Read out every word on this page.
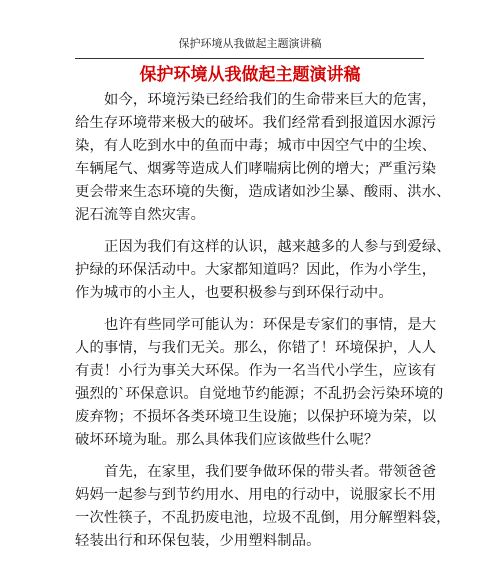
保护环境从我做起主题演讲稿
保护环境从我做起主题演讲稿
如今，环境污染已经给我们的生命带来巨大的危害，
给生存环境带来极大的破坏。我们经常看到报道因水源污
染，有人吃到水中的鱼而中毒；城市中因空气中的尘埃、
车辆尾气、烟雾等造成人们哮喘病比例的增大；严重污染
更会带来生态环境的失衡，造成诸如沙尘暴、酸雨、洪水、
泥石流等自然灾害。
正因为我们有这样的认识，越来越多的人参与到爱绿、
护绿的环保活动中。大家都知道吗？因此，作为小学生，
作为城市的小主人，也要积极参与到环保行动中。
也许有些同学可能认为：环保是专家们的事情，是大
人的事情，与我们无关。那么，你错了！环境保护，人人
有责！小行为事关大环保。作为一名当代小学生，应该有
强烈的`环保意识。自觉地节约能源；不乱扔会污染环境的
废弃物；不损坏各类环境卫生设施；以保护环境为荣，以
破坏环境为耻。那么具体我们应该做些什么呢？
首先，在家里，我们要争做环保的带头者。带领爸爸
妈妈一起参与到节约用水、用电的行动中，说服家长不用
一次性筷子，不乱扔废电池，垃圾不乱倒，用分解塑料袋，
轻装出行和环保包装，少用塑料制品。
